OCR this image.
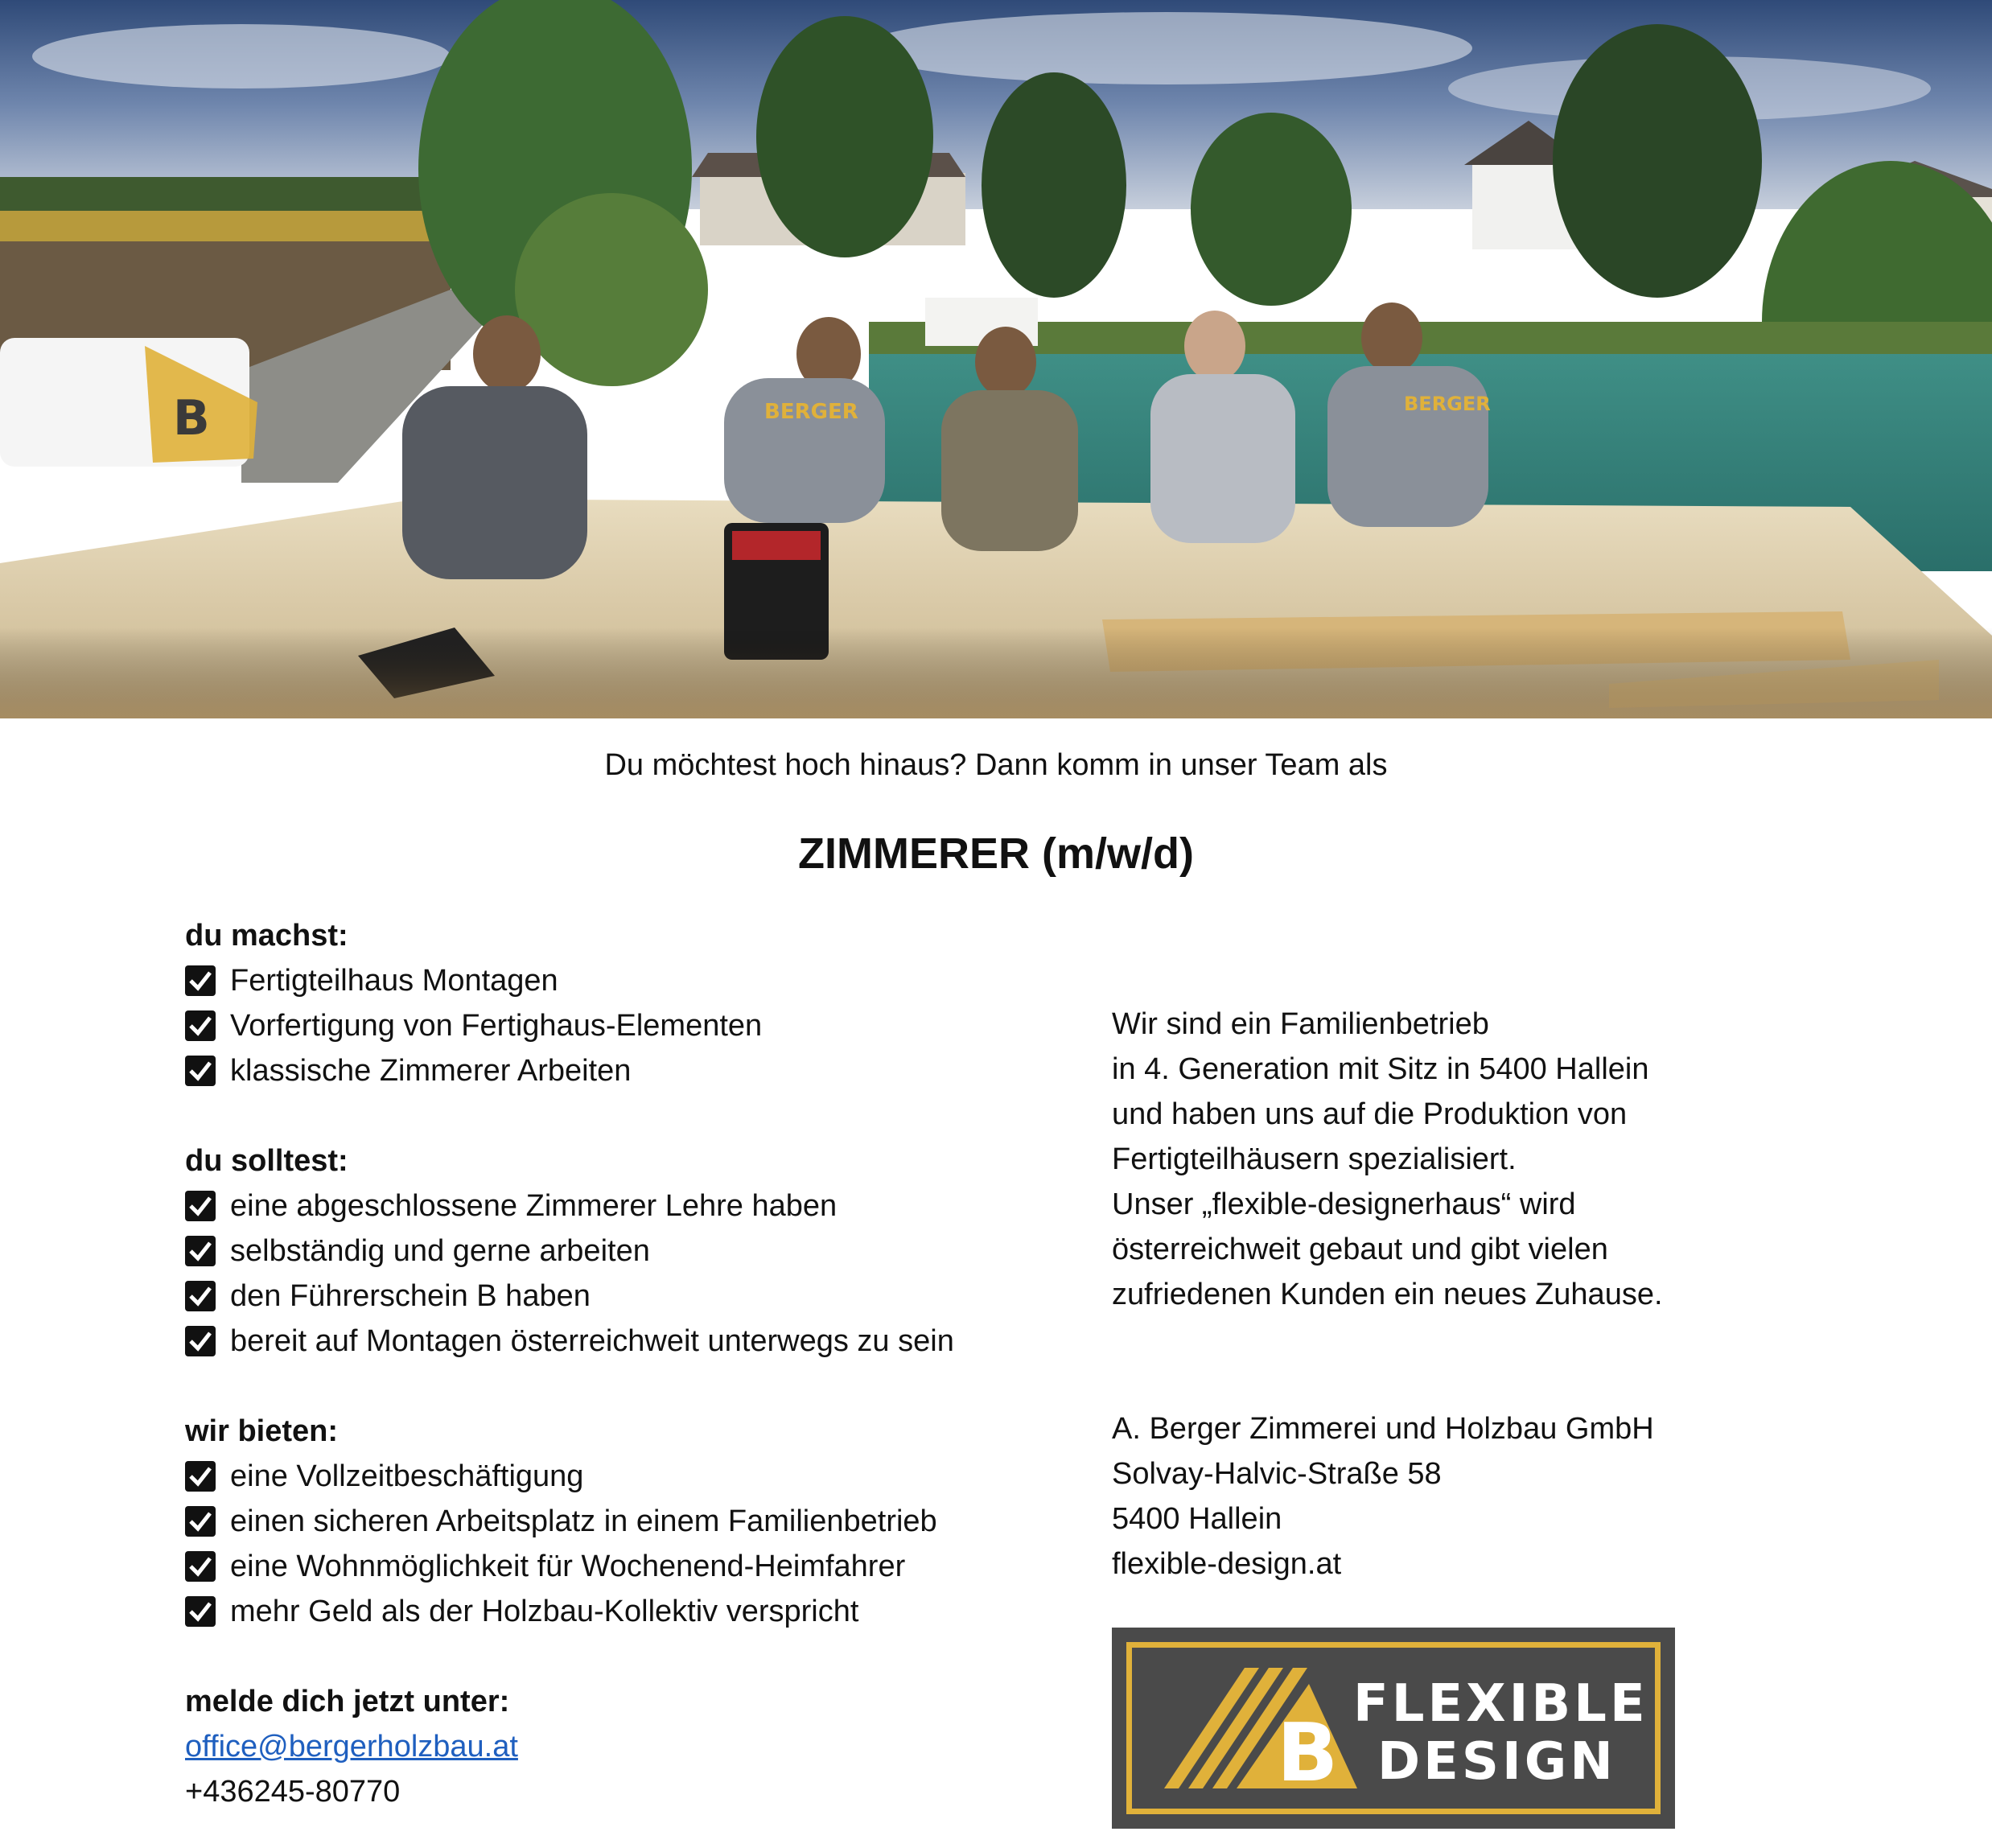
B	BERGER	BERGER
Du möchtest hoch hinaus? Dann komm in unser Team als
ZIMMERER (m/w/d)
du machst:
Fertigteilhaus Montagen
Vorfertigung von Fertighaus-Elementen
klassische Zimmerer Arbeiten
du solltest:
eine abgeschlossene Zimmerer Lehre haben
selbständig und gerne arbeiten
den Führerschein B haben
bereit auf Montagen österreichweit unterwegs zu sein
wir bieten:
eine Vollzeitbeschäftigung
einen sicheren Arbeitsplatz in einem Familienbetrieb
eine Wohnmöglichkeit für Wochenend-Heimfahrer
mehr Geld als der Holzbau-Kollektiv verspricht
melde dich jetzt unter:
office@bergerholzbau.at
+436245-80770
Wir sind ein Familienbetrieb
in 4. Generation mit Sitz in 5400 Hallein
und haben uns auf die Produktion von
Fertigteilhäusern spezialisiert.
Unser „flexible-designerhaus“ wird
österreichweit gebaut und gibt vielen
zufriedenen Kunden ein neues Zuhause.
A. Berger Zimmerei und Holzbau GmbH
Solvay-Halvic-Straße 58
5400 Hallein
flexible-design.at
B
FLEXIBLE
DESIGN
